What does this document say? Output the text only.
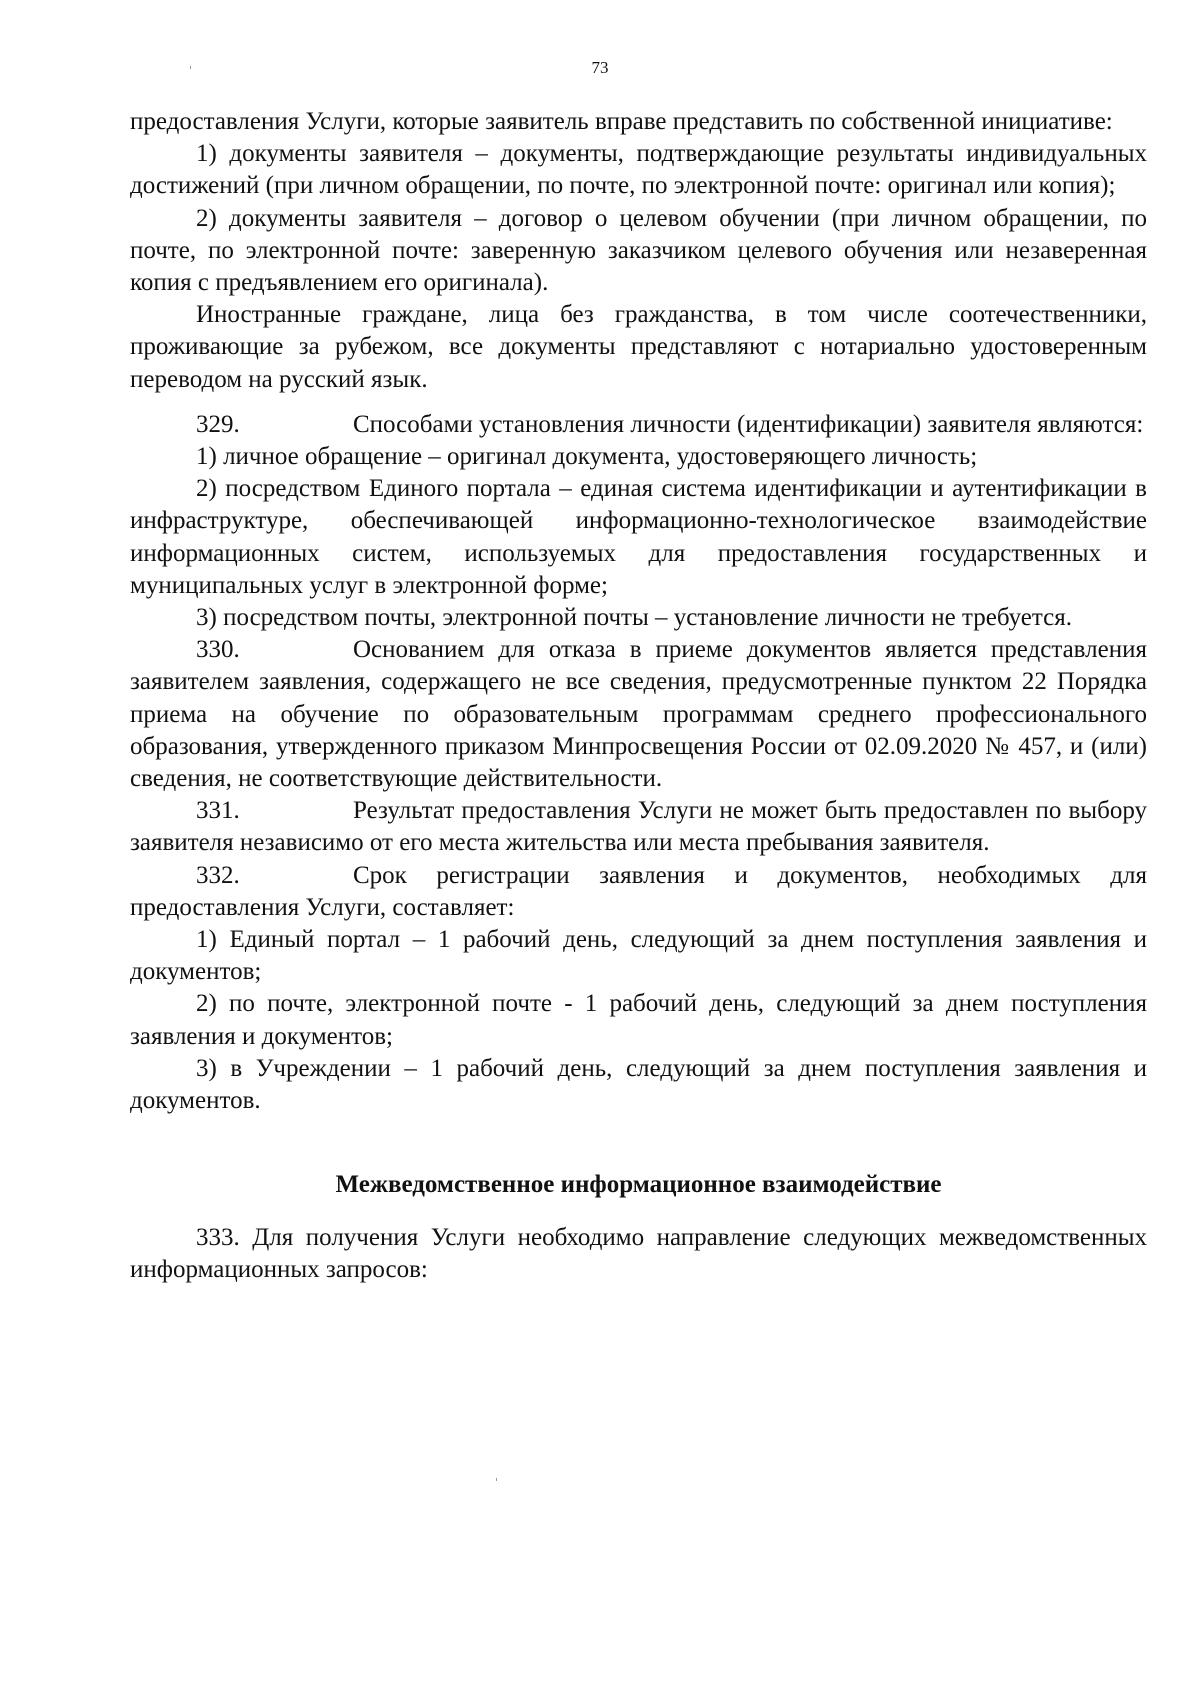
73

предоставления Услуги, которые заявитель вправе представить по собственной инициативе:

1) документы заявителя – документы, подтверждающие результаты индивидуальных достижений (при личном обращении, по почте, по электронной почте: оригинал или копия);

2) документы заявителя – договор о целевом обучении (при личном обращении, по почте, по электронной почте: заверенную заказчиком целевого обучения или незаверенная копия с предъявлением его оригинала).

Иностранные граждане, лица без гражданства, в том числе соотечественники, проживающие за рубежом, все документы представляют с нотариально удостоверенным переводом на русский язык.

329.	Способами установления личности (идентификации) заявителя являются:

1) личное обращение – оригинал документа, удостоверяющего личность;

2) посредством Единого портала – единая система идентификации и аутентификации в инфраструктуре, обеспечивающей информационно-технологическое взаимодействие информационных систем, используемых для предоставления государственных и муниципальных услуг в электронной форме;

3) посредством почты, электронной почты – установление личности не требуется.

330.	Основанием для отказа в приеме документов является представления заявителем заявления, содержащего не все сведения, предусмотренные пунктом 22 Порядка приема на обучение по образовательным программам среднего профессионального образования, утвержденного приказом Минпросвещения России от 02.09.2020 № 457, и (или) сведения, не соответствующие действительности.

331.	Результат предоставления Услуги не может быть предоставлен по выбору заявителя независимо от его места жительства или места пребывания заявителя.

332.	Срок регистрации заявления и документов, необходимых для предоставления Услуги, составляет:

1) Единый портал – 1 рабочий день, следующий за днем поступления заявления и документов;

2) по почте, электронной почте - 1 рабочий день, следующий за днем поступления заявления и документов;

3) в Учреждении – 1 рабочий день, следующий за днем поступления заявления и документов.

Межведомственное информационное взаимодействие

333. Для получения Услуги необходимо направление следующих межведомственных информационных запросов:
